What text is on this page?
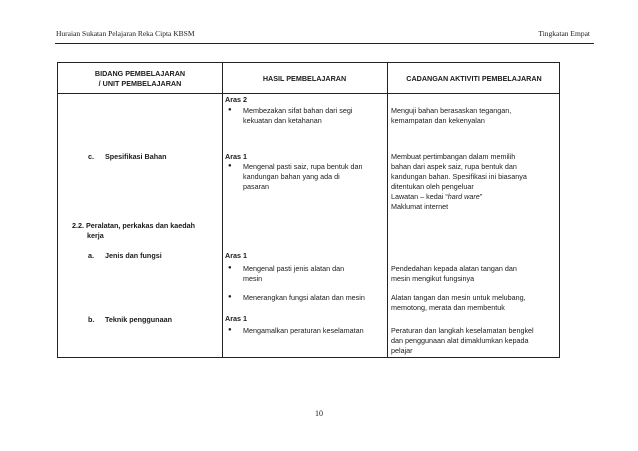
Huraian Sukatan Pelajaran Reka Cipta KBSM	Tingkatan Empat
BIDANG PEMBELAJARAN
/ UNIT PEMBELAJARAN
HASIL PEMBELAJARAN	CADANGAN AKTIVITI PEMBELAJARAN
c. Spesifikasi Bahan
2.2. Peralatan, perkakas dan kaedah
kerja
a. Jenis dan fungsi
b. Teknik penggunaan
Aras 2
● Membezakan sifat bahan dari segi
kekuatan dan ketahanan
Aras 1
● Mengenal pasti saiz, rupa bentuk dan
kandungan bahan yang ada di
pasaran
Aras 1
● Mengenal pasti jenis alatan dan
mesin
● Menerangkan fungsi alatan dan mesin
Aras 1
● Mengamalkan peraturan keselamatan
Menguji bahan berasaskan tegangan,
kemampatan dan kekenyalan
Membuat pertimbangan dalam memilih
bahan dari aspek saiz, rupa bentuk dan
kandungan bahan. Spesifikasi ini biasanya
ditentukan oleh pengeluar
Lawatan – kedai “hard ware”
Maklumat internet
Pendedahan kepada alatan tangan dan
mesin mengikut fungsinya
Alatan tangan dan mesin untuk melubang,
memotong, merata dan membentuk
Peraturan dan langkah keselamatan bengkel
dan penggunaan alat dimaklumkan kepada
pelajar
10
